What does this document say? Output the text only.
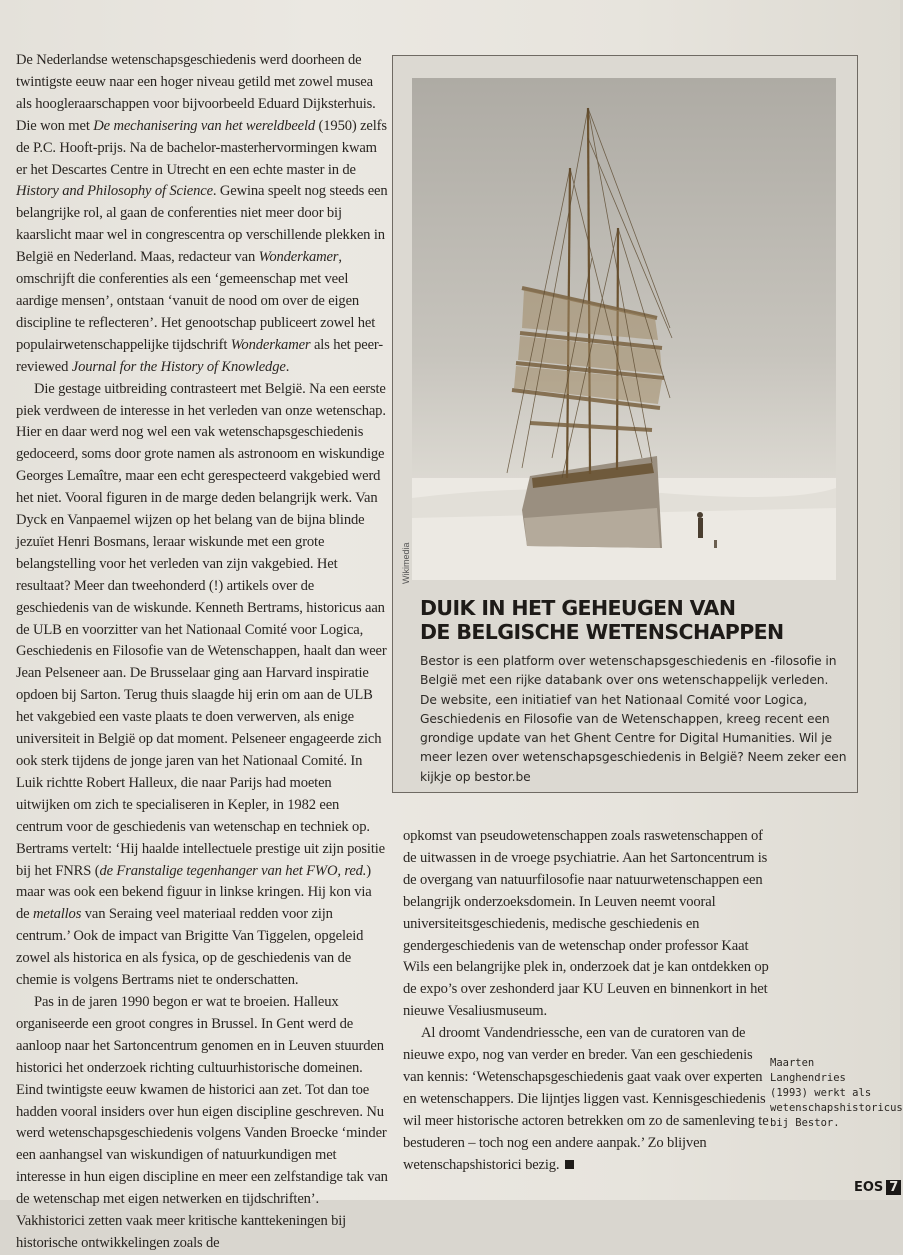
De Nederlandse wetenschapsgeschiedenis werd doorheen de twintigste eeuw naar een hoger niveau getild met zowel musea als hoogleraarschappen voor bijvoorbeeld Eduard Dijksterhuis. Die won met De mechanisering van het wereldbeeld (1950) zelfs de P.C. Hooft-prijs. Na de bachelor-masterhervormingen kwam er het Descartes Centre in Utrecht en een echte master in de History and Philosophy of Science. Gewina speelt nog steeds een belangrijke rol, al gaan de conferenties niet meer door bij kaarslicht maar wel in congrescentra op verschillende plekken in België en Nederland. Maas, redacteur van Wonderkamer, omschrijft die conferenties als een ‘gemeenschap met veel aardige mensen’, ontstaan ‘vanuit de nood om over de eigen discipline te reflecteren’. Het genootschap publiceert zowel het populairwetenschappelijke tijdschrift Wonderkamer als het peer-reviewed Journal for the History of Knowledge.

Die gestage uitbreiding contrasteert met België. Na een eerste piek verdween de interesse in het verleden van onze wetenschap. Hier en daar werd nog wel een vak wetenschapsgeschiedenis gedoceerd, soms door grote namen als astronoom en wiskundige Georges Lemaître, maar een echt gerespecteerd vakgebied werd het niet. Vooral figuren in de marge deden belangrijk werk. Van Dyck en Vanpaemel wijzen op het belang van de bijna blinde jezuïet Henri Bosmans, leraar wiskunde met een grote belangstelling voor het verleden van zijn vakgebied. Het resultaat? Meer dan tweehonderd (!) artikels over de geschiedenis van de wiskunde. Kenneth Bertrams, historicus aan de ULB en voorzitter van het Nationaal Comité voor Logica, Geschiedenis en Filosofie van de Wetenschappen, haalt dan weer Jean Pelseneer aan. De Brusselaar ging aan Harvard inspiratie opdoen bij Sarton. Terug thuis slaagde hij erin om aan de ULB het vakgebied een vaste plaats te doen verwerven, als enige universiteit in België op dat moment. Pelseneer engageerde zich ook sterk tijdens de jonge jaren van het Nationaal Comité. In Luik richtte Robert Halleux, die naar Parijs had moeten uitwijken om zich te specialiseren in Kepler, in 1982 een centrum voor de geschiedenis van wetenschap en techniek op. Bertrams vertelt: ‘Hij haalde intellectuele prestige uit zijn positie bij het FNRS (de Franstalige tegenhanger van het FWO, red.) maar was ook een bekend figuur in linkse kringen. Hij kon via de metallos van Seraing veel materiaal redden voor zijn centrum.’ Ook de impact van Brigitte Van Tiggelen, opgeleid zowel als historica en als fysica, op de geschiedenis van de chemie is volgens Bertrams niet te onderschatten.

Pas in de jaren 1990 begon er wat te broeien. Halleux organiseerde een groot congres in Brussel. In Gent werd de aanloop naar het Sartoncentrum genomen en in Leuven stuurden historici het onderzoek richting cultuurhistorische domeinen. Eind twintigste eeuw kwamen de historici aan zet. Tot dan toe hadden vooral insiders over hun eigen discipline geschreven. Nu werd wetenschapsgeschiedenis volgens Vanden Broecke ‘minder een aanhangsel van wiskundigen of natuurkundigen met interesse in hun eigen discipline en meer een zelfstandige tak van de wetenschap met eigen netwerken en tijdschriften’. Vakhistorici zetten vaak meer kritische kanttekeningen bij historische ontwikkelingen zoals de

Wikimedia
DUIK IN HET GEHEUGEN VAN
DE BELGISCHE WETENSCHAPPEN
Bestor is een platform over wetenschapsgeschiedenis en -filosofie in België met een rijke databank over ons wetenschappelijk verleden. De website, een initiatief van het Nationaal Comité voor Logica, Geschiedenis en Filosofie van de Wetenschappen, kreeg recent een grondige update van het Ghent Centre for Digital Humanities. Wil je meer lezen over wetenschapsgeschiedenis in België? Neem zeker een kijkje op bestor.be

opkomst van pseudowetenschappen zoals raswetenschappen of de uitwassen in de vroege psychiatrie. Aan het Sartoncentrum is de overgang van natuurfilosofie naar natuurwetenschappen een belangrijk onderzoeksdomein. In Leuven neemt vooral universiteitsgeschiedenis, medische geschiedenis en gendergeschiedenis van de wetenschap onder professor Kaat Wils een belangrijke plek in, onderzoek dat je kan ontdekken op de expo’s over zeshonderd jaar KU Leuven en binnenkort in het nieuwe Vesaliusmuseum.

Al droomt Vandendriessche, een van de curatoren van de nieuwe expo, nog van verder en breder. Van een geschiedenis van kennis: ‘Wetenschapsgeschiedenis gaat vaak over experten en wetenschappers. Die lijntjes liggen vast. Kennisgeschiedenis wil meer historische actoren betrekken om zo de samenleving te bestuderen – toch nog een andere aanpak.’ Zo blijven wetenschapshistorici bezig.

Maarten Langhendries (1993) werkt als wetenschapshistoricus bij Bestor.
EOS 7
